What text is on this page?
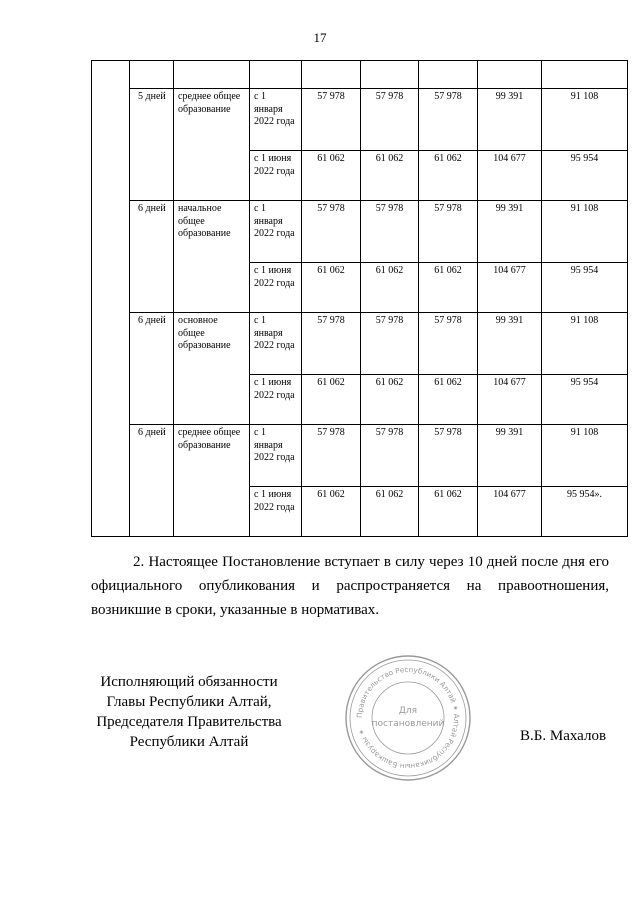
17

	5 дней	среднее общее образование	с 1 января 2022 года	57 978	57 978	57 978	99 391	91 108
			с 1 июня 2022 года	61 062	61 062	61 062	104 677	95 954
	6 дней	начальное общее образование	с 1 января 2022 года	57 978	57 978	57 978	99 391	91 108
			с 1 июня 2022 года	61 062	61 062	61 062	104 677	95 954
	6 дней	основное общее образование	с 1 января 2022 года	57 978	57 978	57 978	99 391	91 108
			с 1 июня 2022 года	61 062	61 062	61 062	104 677	95 954
	6 дней	среднее общее образование	с 1 января 2022 года	57 978	57 978	57 978	99 391	91 108
			с 1 июня 2022 года	61 062	61 062	61 062	104 677	95 954».
2. Настоящее Постановление вступает в силу через 10 дней после дня его официального опубликования и распространяется на правоотношения, возникшие в сроки, указанные в нормативах.
Исполняющий обязанности
Главы Республики Алтай,
Председателя Правительства
Республики Алтай	В.Б. Махалов
Правительство Республики Алтай ✶ Алтай Республиканын Башкарузы ✶
Для
постановлений
